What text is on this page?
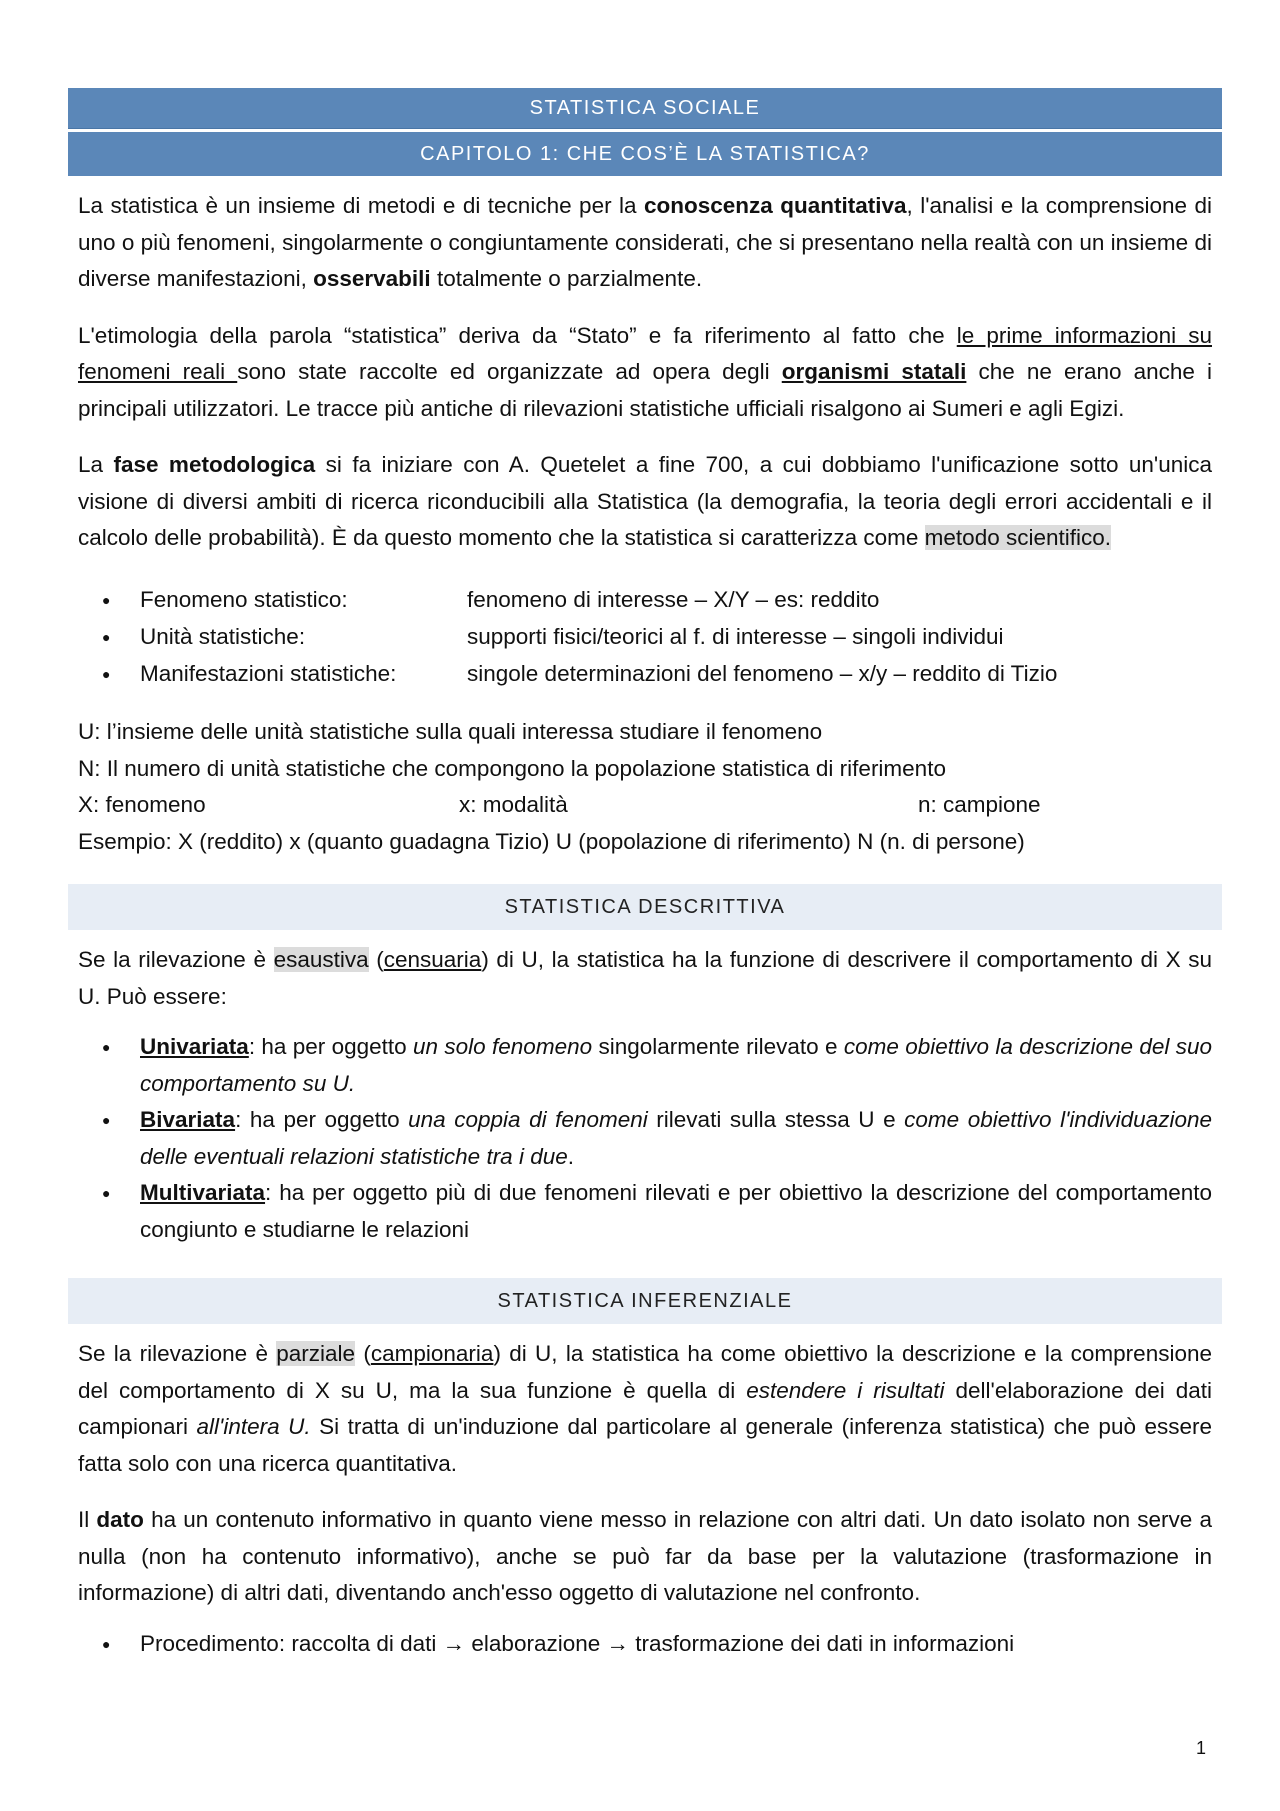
STATISTICA SOCIALE
CAPITOLO 1: CHE COS’È LA STATISTICA?

La statistica è un insieme di metodi e di tecniche per la conoscenza quantitativa, l'analisi e la comprensione di uno o più fenomeni, singolarmente o congiuntamente considerati, che si presentano nella realtà con un insieme di diverse manifestazioni, osservabili totalmente o parzialmente.

L'etimologia della parola “statistica” deriva da “Stato” e fa riferimento al fatto che le prime informazioni su fenomeni reali sono state raccolte ed organizzate ad opera degli organismi statali che ne erano anche i principali utilizzatori. Le tracce più antiche di rilevazioni statistiche ufficiali risalgono ai Sumeri e agli Egizi.

La fase metodologica si fa iniziare con A. Quetelet a fine 700, a cui dobbiamo l'unificazione sotto un'unica visione di diversi ambiti di ricerca riconducibili alla Statistica (la demografia, la teoria degli errori accidentali e il calcolo delle probabilità). È da questo momento che la statistica si caratterizza come metodo scientifico.

● Fenomeno statistico:	fenomeno di interesse – X/Y – es: reddito
● Unità statistiche:	supporti fisici/teorici al f. di interesse – singoli individui
● Manifestazioni statistiche:	singole determinazioni del fenomeno – x/y – reddito di Tizio

U: l’insieme delle unità statistiche sulla quali interessa studiare il fenomeno

N: Il numero di unità statistiche che compongono la popolazione statistica di riferimento

X: fenomeno	x: modalità	n: campione

Esempio: X (reddito) x (quanto guadagna Tizio) U (popolazione di riferimento) N (n. di persone)

STATISTICA DESCRITTIVA

Se la rilevazione è esaustiva (censuaria) di U, la statistica ha la funzione di descrivere il comportamento di X su U. Può essere:

● Univariata: ha per oggetto un solo fenomeno singolarmente rilevato e come obiettivo la descrizione del suo comportamento su U.
● Bivariata: ha per oggetto una coppia di fenomeni rilevati sulla stessa U e come obiettivo l'individuazione delle eventuali relazioni statistiche tra i due.
● Multivariata: ha per oggetto più di due fenomeni rilevati e per obiettivo la descrizione del comportamento congiunto e studiarne le relazioni
STATISTICA INFERENZIALE

Se la rilevazione è parziale (campionaria) di U, la statistica ha come obiettivo la descrizione e la comprensione del comportamento di X su U, ma la sua funzione è quella di estendere i risultati dell'elaborazione dei dati campionari all'intera U. Si tratta di un'induzione dal particolare al generale (inferenza statistica) che può essere fatta solo con una ricerca quantitativa.

Il dato ha un contenuto informativo in quanto viene messo in relazione con altri dati. Un dato isolato non serve a nulla (non ha contenuto informativo), anche se può far da base per la valutazione (trasformazione in informazione) di altri dati, diventando anch'esso oggetto di valutazione nel confronto.

● Procedimento: raccolta di dati → elaborazione → trasformazione dei dati in informazioni
1
